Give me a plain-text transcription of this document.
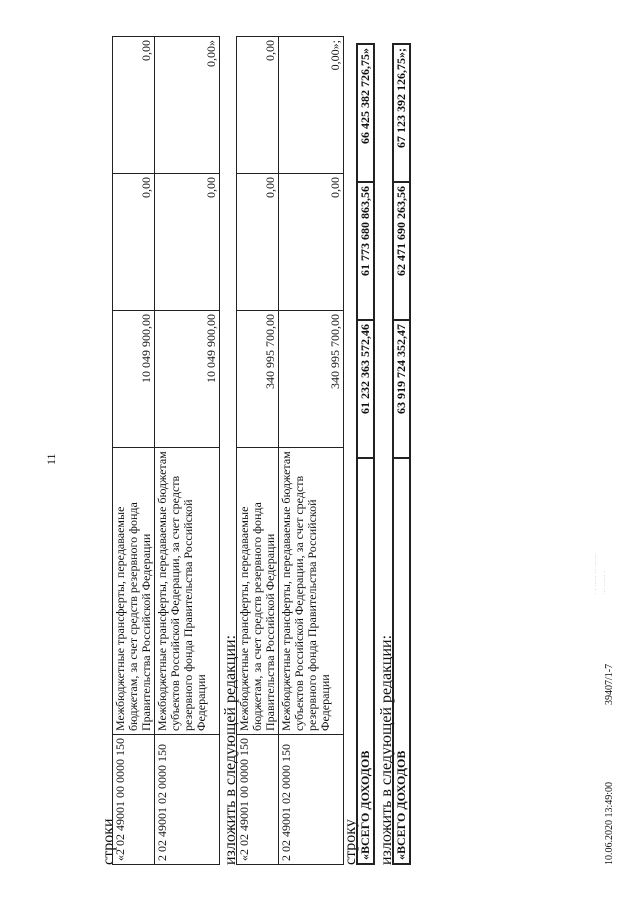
11
строки
«2 02 49001 00 0000 150	Межбюджетные трансферты, передаваемые бюджетам, за счет средств резервного фонда Правительства Российской Федерации	10 049 900,00	0,00	0,00
2 02 49001 02 0000 150	Межбюджетные трансферты, передаваемые бюджетам субъектов Российской Федерации, за счет средств резервного фонда Правительства Российской Федерации	10 049 900,00	0,00	0,00»
изложить в следующей редакции:
«2 02 49001 00 0000 150	Межбюджетные трансферты, передаваемые бюджетам, за счет средств резервного фонда Правительства Российской Федерации	340 995 700,00	0,00	0,00
2 02 49001 02 0000 150	Межбюджетные трансферты, передаваемые бюджетам субъектов Российской Федерации, за счет средств резервного фонда Правительства Российской Федерации	340 995 700,00	0,00	0,00»;
строку «ВСЕГО ДОХОДОВ	61 232 363 572,46	61 773 680 863,56	66 425 382 726,75»
изложить в следующей редакции: «ВСЕГО ДОХОДОВ	63 919 724 352,47	62 471 690 263,56	67 123 392 126,75»;
10.06.2020 13:49:00
39407/1-7
· · ····· ·· ······ ··· ····· ·
